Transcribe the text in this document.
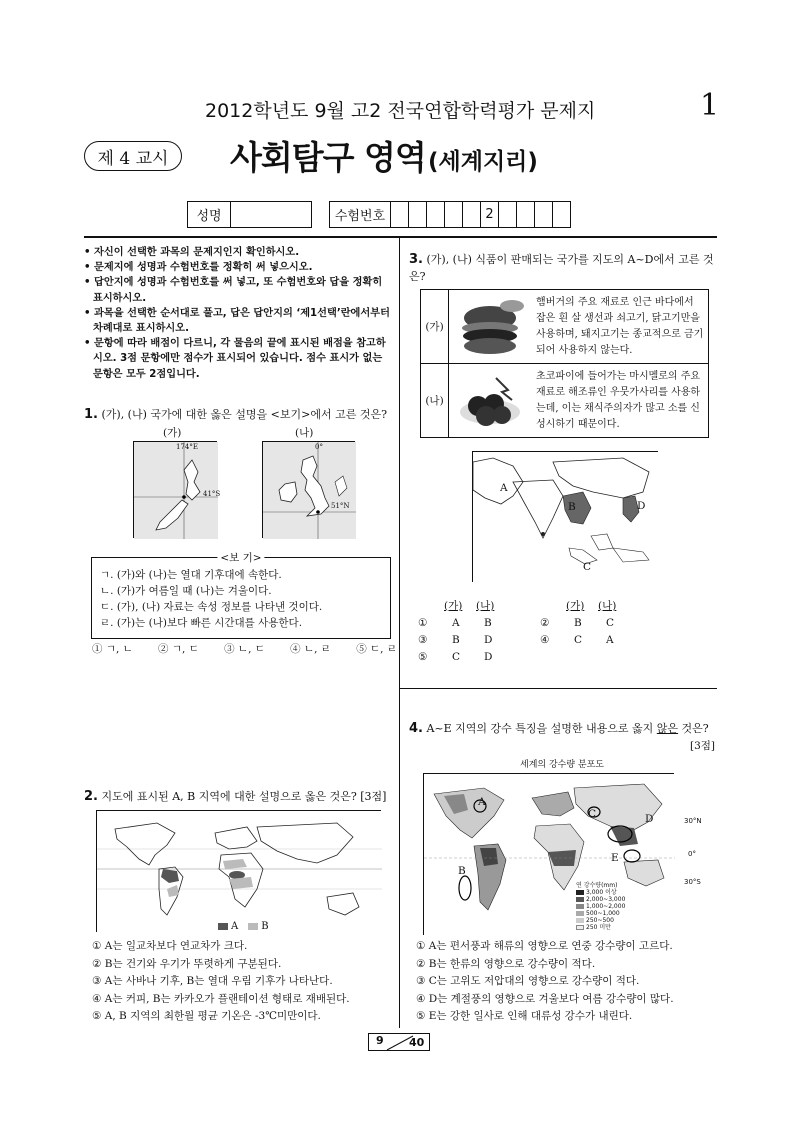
2012학년도 9월 고2 전국연합학력평가 문제지	1
제 4 교시	사회탐구 영역 (세계지리)
성명	수험번호	2
• 자신이 선택한 과목의 문제지인지 확인하시오.
• 문제지에 성명과 수험번호를 정확히 써 넣으시오.
• 답안지에 성명과 수험번호를 써 넣고, 또 수험번호와 답을 정확히 표시하시오.
• 과목을 선택한 순서대로 풀고, 답은 답안지의 ‘제1선택’란에서부터 차례대로 표시하시오.
• 문항에 따라 배점이 다르니, 각 물음의 끝에 표시된 배점을 참고하시오. 3점 문항에만 점수가 표시되어 있습니다. 점수 표시가 없는 문항은 모두 2점입니다.
1. (가), (나) 국가에 대한 옳은 설명을 <보기>에서 고른 것은?
(가)	(나)
174°E
41°S
0°
51°N
<보 기>

ㄱ. (가)와 (나)는 열대 기후대에 속한다.

ㄴ. (가)가 여름일 때 (나)는 겨울이다.

ㄷ. (가), (나) 자료는 속성 정보를 나타낸 것이다.

ㄹ. (가)는 (나)보다 빠른 시간대를 사용한다.

① ㄱ, ㄴ ② ㄱ, ㄷ ③ ㄴ, ㄷ ④ ㄴ, ㄹ ⑤ ㄷ, ㄹ
2. 지도에 표시된 A, B 지역에 대한 설명으로 옳은 것은? [3점]
A B
① A는 일교차보다 연교차가 크다.
② B는 건기와 우기가 뚜렷하게 구분된다.
③ A는 사바나 기후, B는 열대 우림 기후가 나타난다.
④ A는 커피, B는 카카오가 플랜테이션 형태로 재배된다.
⑤ A, B 지역의 최한월 평균 기온은 -3℃미만이다.
3. (가), (나) 식품이 판매되는 국가를 지도의 A~D에서 고른 것은?
(가)	햄버거의 주요 재료로 인근 바다에서 잡은 흰 살 생선과 쇠고기, 닭고기만을 사용하며, 돼지고기는 종교적으로 금기되어 사용하지 않는다.

(나)	초코파이에 들어가는 마시멜로의 주요 재료로 해조류인 우뭇가사리를 사용하는데, 이는 채식주의자가 많고 소를 신성시하기 때문이다.
A
B
C
D
(가)	(나)	(가)	(나)
①	A	B	②	B	C
③	B	D	④	C	A
⑤	C	D
4. A~E 지역의 강수 특징을 설명한 내용으로 옳지 않은 것은?
[3점]
세계의 강수량 분포도
30°N
0°
30°S
A
B
C	D
E
연 강수량(mm)
3,000 이상
2,000~3,000
1,000~2,000
500~1,000
250~500
250 미만
① A는 편서풍과 해류의 영향으로 연중 강수량이 고르다.
② B는 한류의 영향으로 강수량이 적다.
③ C는 고위도 저압대의 영향으로 강수량이 적다.
④ D는 계절풍의 영향으로 겨울보다 여름 강수량이 많다.
⑤ E는 강한 일사로 인해 대류성 강수가 내린다.
9 40
